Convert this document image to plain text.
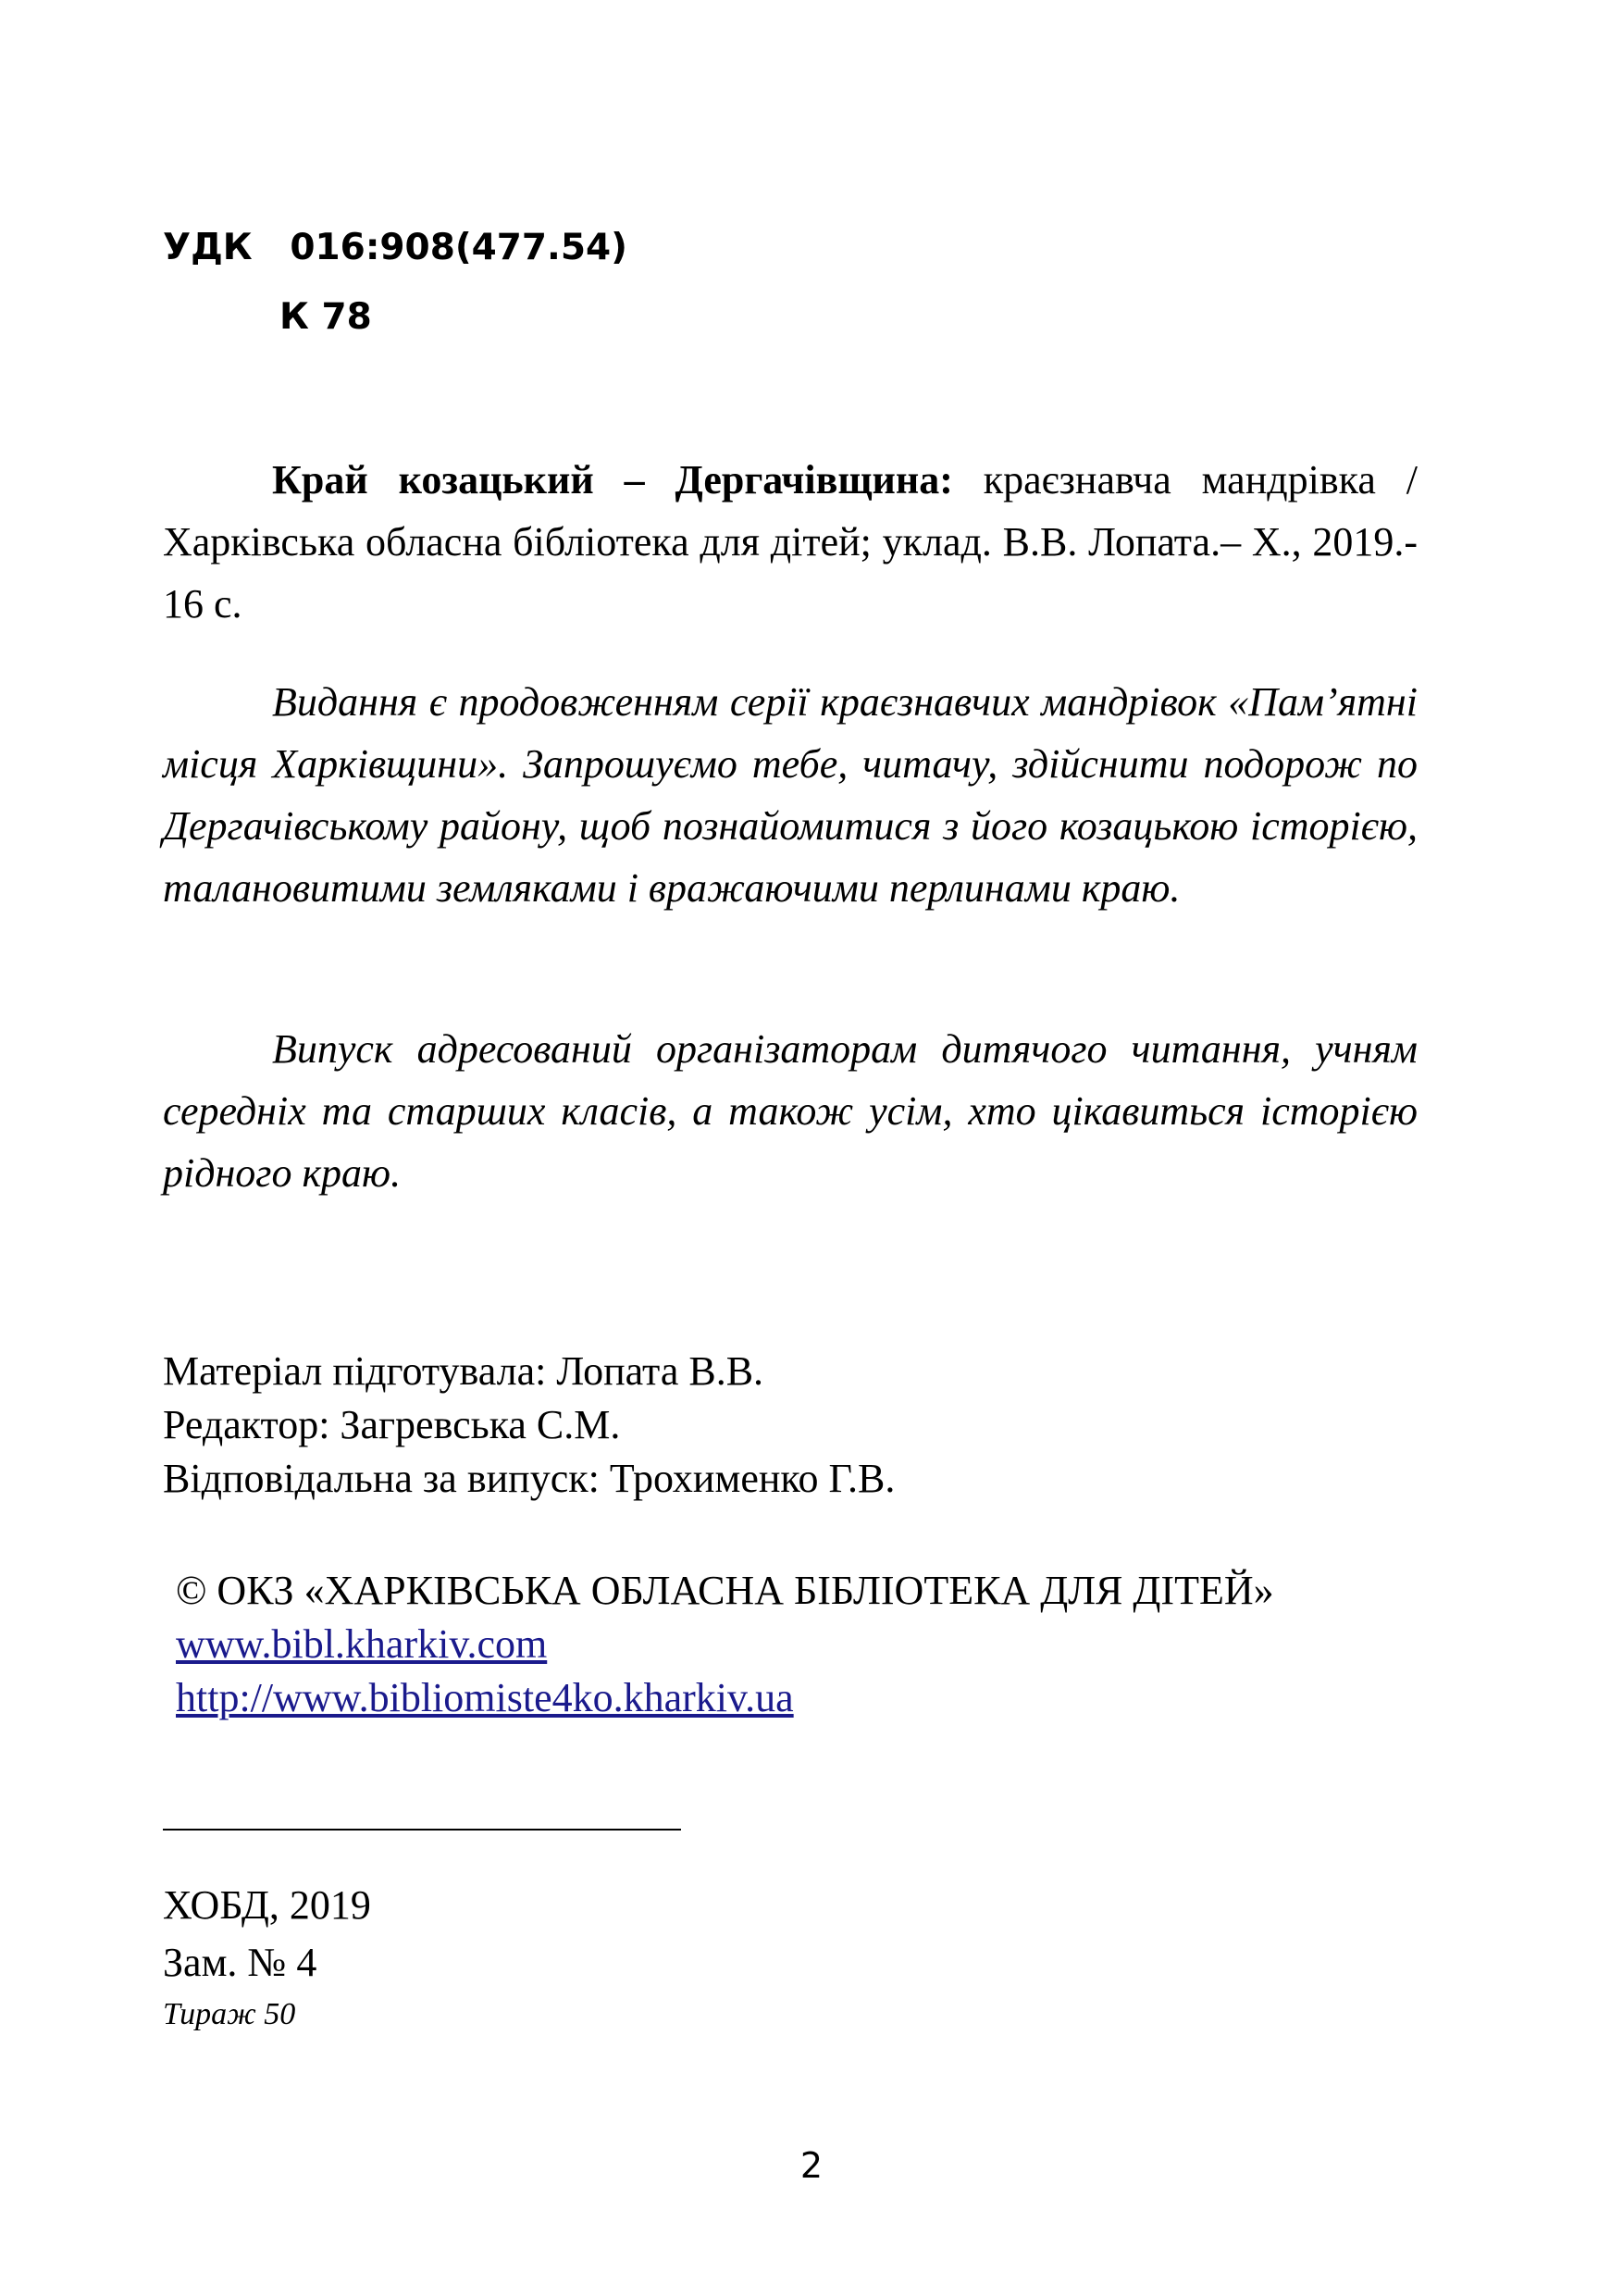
УДК   016:908(477.54)
К 78
Край козацький – Дергачівщина: краєзнавча мандрівка / Харківська обласна бібліотека для дітей; уклад. В.В. Лопата.– Х., 2019.- 16 с.
Видання є продовженням серії краєзнавчих мандрівок «Пам’ятні місця Харківщини». Запрошуємо тебе, читачу, здійснити подорож по Дергачівському району, щоб познайомитися з його козацькою історією, талановитими земляками і вражаючими перлинами краю.
Випуск адресований організаторам дитячого читання, учням середніх та старших класів, а також усім, хто цікавиться історією рідного краю.
Матеріал підготувала: Лопата В.В.
Редактор: Загревська С.М.
Відповідальна за випуск: Трохименко Г.В.
© ОКЗ «ХАРКІВСЬКА ОБЛАСНА БІБЛІОТЕКА ДЛЯ ДІТЕЙ»
www.bibl.kharkiv.com
http://www.bibliomiste4ko.kharkiv.ua
ХОБД, 2019
Зам. № 4
Тираж 50
2
